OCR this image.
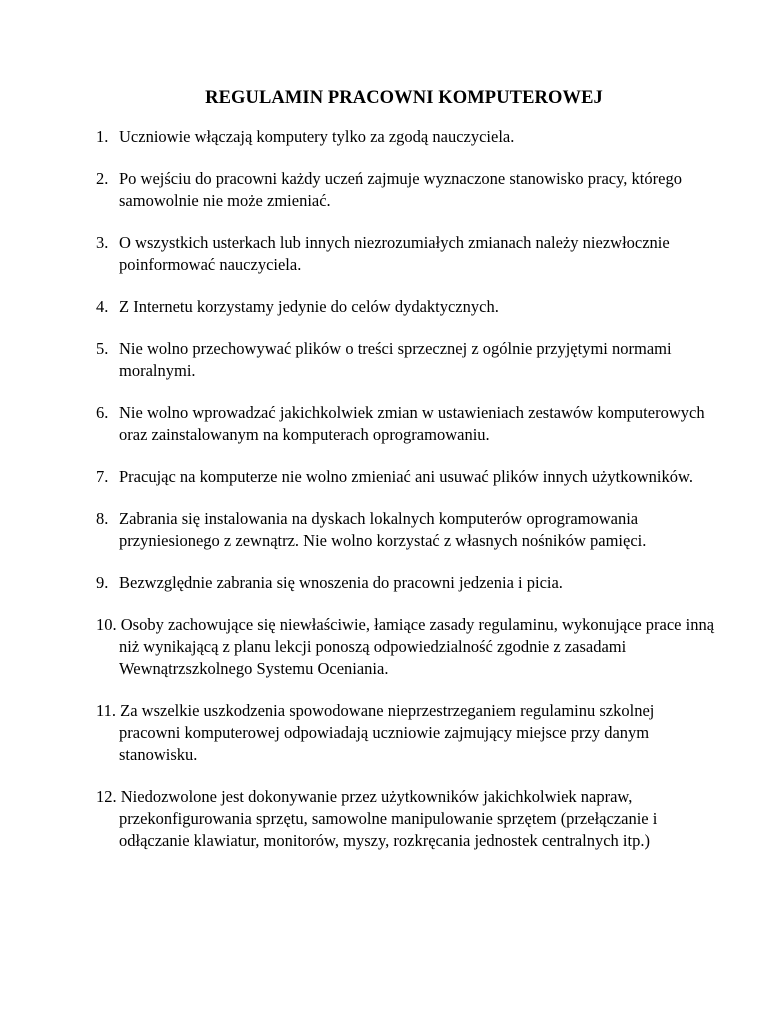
REGULAMIN PRACOWNI KOMPUTEROWEJ
1. Uczniowie włączają komputery tylko za zgodą nauczyciela.
2. Po wejściu do pracowni każdy uczeń zajmuje wyznaczone stanowisko pracy, którego samowolnie nie może zmieniać.
3. O wszystkich usterkach lub innych niezrozumiałych zmianach należy niezwłocznie poinformować nauczyciela.
4. Z Internetu korzystamy jedynie do celów dydaktycznych.
5. Nie wolno przechowywać plików o treści sprzecznej z ogólnie przyjętymi normami moralnymi.
6. Nie wolno wprowadzać jakichkolwiek zmian w ustawieniach zestawów komputerowych oraz zainstalowanym na komputerach oprogramowaniu.
7. Pracując na komputerze nie wolno zmieniać ani usuwać plików innych użytkowników.
8. Zabrania się instalowania na dyskach lokalnych komputerów oprogramowania przyniesionego z zewnątrz. Nie wolno korzystać z własnych nośników pamięci.
9. Bezwzględnie zabrania się wnoszenia do pracowni jedzenia i picia.
10. Osoby zachowujące się niewłaściwie, łamiące zasady regulaminu, wykonujące prace inną niż wynikającą z planu lekcji ponoszą odpowiedzialność zgodnie z zasadami Wewnątrzszkolnego Systemu Oceniania.
11. Za wszelkie uszkodzenia spowodowane nieprzestrzeganiem regulaminu szkolnej pracowni komputerowej odpowiadają uczniowie zajmujący miejsce przy danym stanowisku.
12. Niedozwolone jest dokonywanie przez użytkowników jakichkolwiek napraw, przekonfigurowania sprzętu, samowolne manipulowanie sprzętem (przełączanie i odłączanie klawiatur, monitorów, myszy, rozkręcania jednostek centralnych itp.)
